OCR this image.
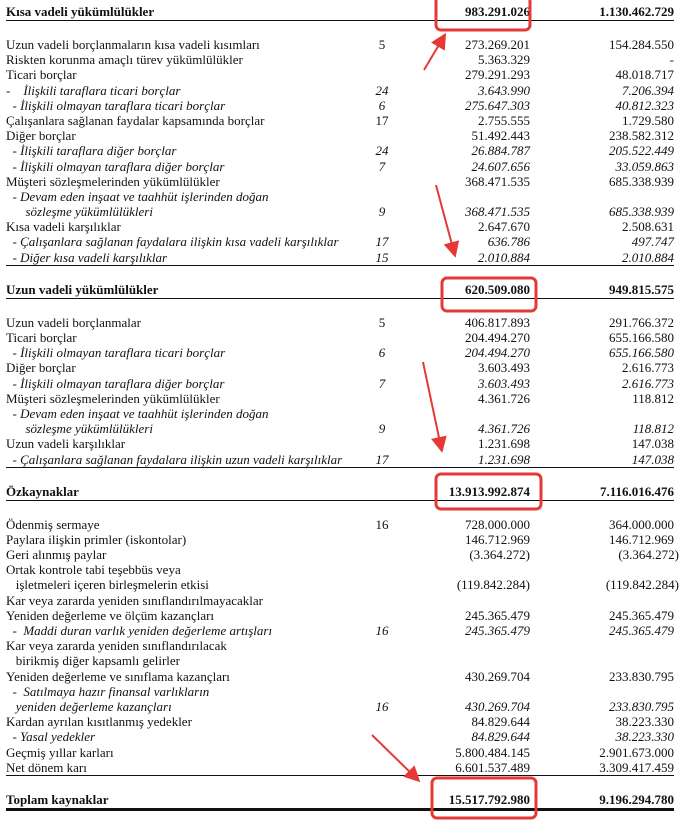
Kısa vadeli yükümlülükler	983.291.026	1.130.462.729
Uzun vadeli borçlanmaların kısa vadeli kısımları	5	273.269.201	154.284.550
Riskten korunma amaçlı türev yükümlülükler	5.363.329	-
Ticari borçlar	279.291.293	48.018.717
-    İlişkili taraflara ticari borçlar	24	3.643.990	7.206.394
- İlişkili olmayan taraflara ticari borçlar	6	275.647.303	40.812.323
Çalışanlara sağlanan faydalar kapsamında borçlar	17	2.755.555	1.729.580
Diğer borçlar	51.492.443	238.582.312
- İlişkili taraflara diğer borçlar	24	26.884.787	205.522.449
- İlişkili olmayan taraflara diğer borçlar	7	24.607.656	33.059.863
Müşteri sözleşmelerinden yükümlülükler	368.471.535	685.338.939
- Devam eden inşaat ve taahhüt işlerinden doğan
sözleşme yükümlülükleri	9	368.471.535	685.338.939
Kısa vadeli karşılıklar	2.647.670	2.508.631
- Çalışanlara sağlanan faydalara ilişkin kısa vadeli karşılıklar	17	636.786	497.747
- Diğer kısa vadeli karşılıklar	15	2.010.884	2.010.884
Uzun vadeli yükümlülükler	620.509.080	949.815.575
Uzun vadeli borçlanmalar	5	406.817.893	291.766.372
Ticari borçlar	204.494.270	655.166.580
- İlişkili olmayan taraflara ticari borçlar	6	204.494.270	655.166.580
Diğer borçlar	3.603.493	2.616.773
- İlişkili olmayan taraflara diğer borçlar	7	3.603.493	2.616.773
Müşteri sözleşmelerinden yükümlülükler	4.361.726	118.812
- Devam eden inşaat ve taahhüt işlerinden doğan
sözleşme yükümlülükleri	9	4.361.726	118.812
Uzun vadeli karşılıklar	1.231.698	147.038
- Çalışanlara sağlanan faydalara ilişkin uzun vadeli karşılıklar	17	1.231.698	147.038
Özkaynaklar	13.913.992.874	7.116.016.476
Ödenmiş sermaye	16	728.000.000	364.000.000
Paylara ilişkin primler (iskontolar)	146.712.969	146.712.969
Geri alınmış paylar	(3.364.272)	(3.364.272)
Ortak kontrole tabi teşebbüs veya
işletmeleri içeren birleşmelerin etkisi	(119.842.284)	(119.842.284)
Kar veya zararda yeniden sınıflandırılmayacaklar
Yeniden değerleme ve ölçüm kazançları	245.365.479	245.365.479
-  Maddi duran varlık yeniden değerleme artışları	16	245.365.479	245.365.479
Kar veya zararda yeniden sınıflandırılacak
birikmiş diğer kapsamlı gelirler
Yeniden değerleme ve sınıflama kazançları	430.269.704	233.830.795
-  Satılmaya hazır finansal varlıkların
yeniden değerleme kazançları	16	430.269.704	233.830.795
Kardan ayrılan kısıtlanmış yedekler	84.829.644	38.223.330
- Yasal yedekler	84.829.644	38.223.330
Geçmiş yıllar karları	5.800.484.145	2.901.673.000
Net dönem karı	6.601.537.489	3.309.417.459
Toplam kaynaklar	15.517.792.980	9.196.294.780
